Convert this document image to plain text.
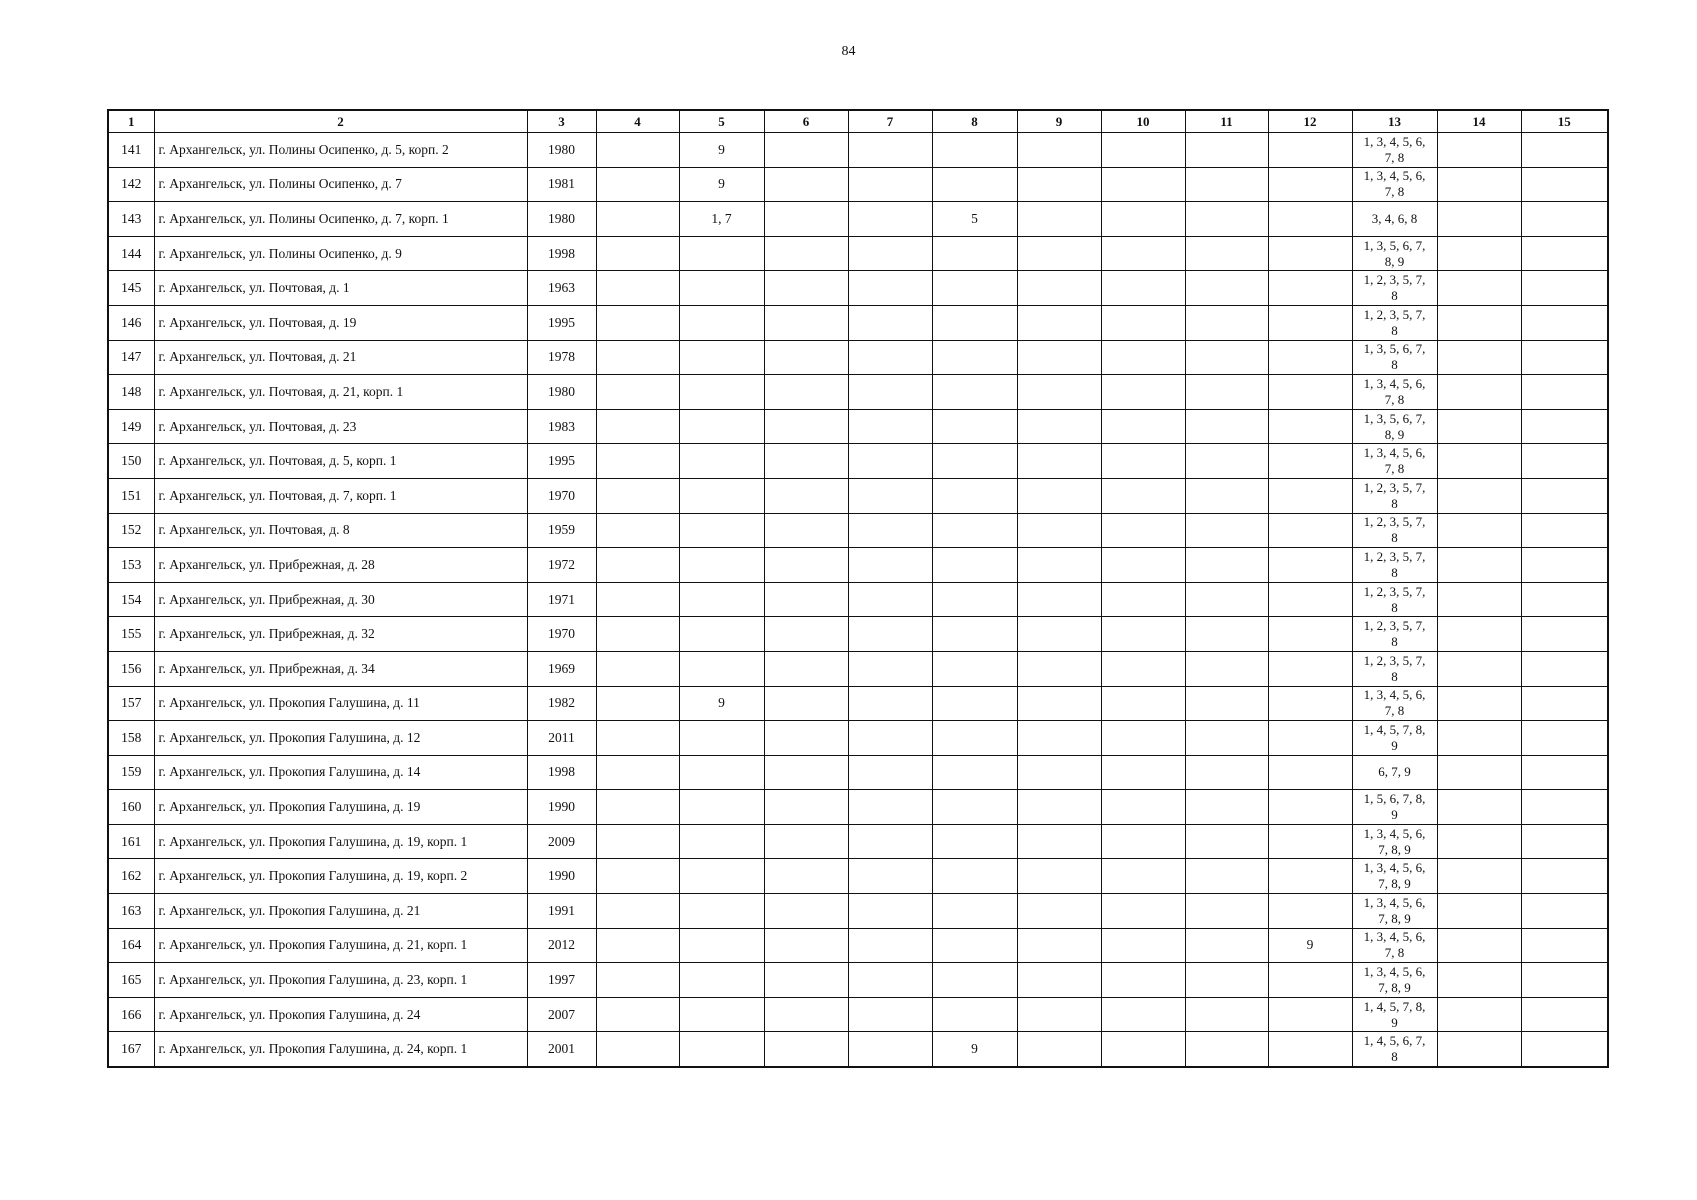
84
1	2	3	4	5	6	7	8	9	10	11	12	13	14	15
141	г. Архангельск, ул. Полины Осипенко, д. 5, корп. 2	1980		9								1, 3, 4, 5, 6, 7, 8		
142	г. Архангельск, ул. Полины Осипенко, д. 7	1981		9								1, 3, 4, 5, 6, 7, 8		
143	г. Архангельск, ул. Полины Осипенко, д. 7, корп. 1	1980		1, 7			5					3, 4, 6, 8		
144	г. Архангельск, ул. Полины Осипенко, д. 9	1998										1, 3, 5, 6, 7, 8, 9		
145	г. Архангельск, ул. Почтовая, д. 1	1963										1, 2, 3, 5, 7, 8		
146	г. Архангельск, ул. Почтовая, д. 19	1995										1, 2, 3, 5, 7, 8		
147	г. Архангельск, ул. Почтовая, д. 21	1978										1, 3, 5, 6, 7, 8		
148	г. Архангельск, ул. Почтовая, д. 21, корп. 1	1980										1, 3, 4, 5, 6, 7, 8		
149	г. Архангельск, ул. Почтовая, д. 23	1983										1, 3, 5, 6, 7, 8, 9		
150	г. Архангельск, ул. Почтовая, д. 5, корп. 1	1995										1, 3, 4, 5, 6, 7, 8		
151	г. Архангельск, ул. Почтовая, д. 7, корп. 1	1970										1, 2, 3, 5, 7, 8		
152	г. Архангельск, ул. Почтовая, д. 8	1959										1, 2, 3, 5, 7, 8		
153	г. Архангельск, ул. Прибрежная, д. 28	1972										1, 2, 3, 5, 7, 8		
154	г. Архангельск, ул. Прибрежная, д. 30	1971										1, 2, 3, 5, 7, 8		
155	г. Архангельск, ул. Прибрежная, д. 32	1970										1, 2, 3, 5, 7, 8		
156	г. Архангельск, ул. Прибрежная, д. 34	1969										1, 2, 3, 5, 7, 8		
157	г. Архангельск, ул. Прокопия Галушина, д. 11	1982		9								1, 3, 4, 5, 6, 7, 8		
158	г. Архангельск, ул. Прокопия Галушина, д. 12	2011										1, 4, 5, 7, 8, 9		
159	г. Архангельск, ул. Прокопия Галушина, д. 14	1998										6, 7, 9		
160	г. Архангельск, ул. Прокопия Галушина, д. 19	1990										1, 5, 6, 7, 8, 9		
161	г. Архангельск, ул. Прокопия Галушина, д. 19, корп. 1	2009										1, 3, 4, 5, 6, 7, 8, 9		
162	г. Архангельск, ул. Прокопия Галушина, д. 19, корп. 2	1990										1, 3, 4, 5, 6, 7, 8, 9		
163	г. Архангельск, ул. Прокопия Галушина, д. 21	1991										1, 3, 4, 5, 6, 7, 8, 9		
164	г. Архангельск, ул. Прокопия Галушина, д. 21, корп. 1	2012									9	1, 3, 4, 5, 6, 7, 8		
165	г. Архангельск, ул. Прокопия Галушина, д. 23, корп. 1	1997										1, 3, 4, 5, 6, 7, 8, 9		
166	г. Архангельск, ул. Прокопия Галушина, д. 24	2007										1, 4, 5, 7, 8, 9		
167	г. Архангельск, ул. Прокопия Галушина, д. 24, корп. 1	2001					9					1, 4, 5, 6, 7, 8		
